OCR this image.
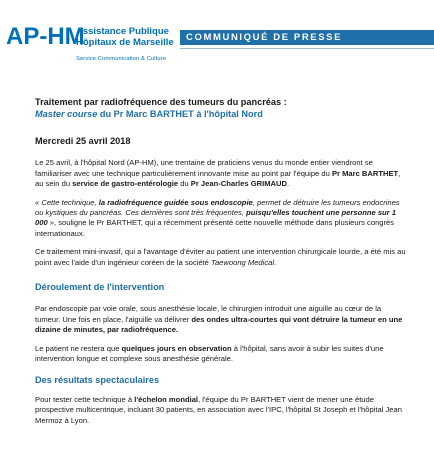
AP-HM
Assistance Publique
Hôpitaux de Marseille
Service Communication & Culture
COMMUNIQUÉ DE PRESSE

Traitement par radiofréquence des tumeurs du pancréas :

Master course du Pr Marc BARTHET à l'hôpital Nord

Mercredi 25 avril 2018

Le 25 avril, à l'hôpital Nord (AP-HM), une trentaine de praticiens venus du monde entier viendront se familiariser avec une technique particulièrement innovante mise au point par l'équipe du Pr Marc BARTHET, au sein du service de gastro-entérologie du Pr Jean-Charles GRIMAUD.

« Cette technique, la radiofréquence guidée sous endoscopie, permet de détruire les tumeurs endocrines ou kystiques du pancréas. Ces dernières sont très fréquentes, puisqu'elles touchent une personne sur 1 000 », souligne le Pr BARTHET, qui a récemment présenté cette nouvelle méthode dans plusieurs congrès internationaux.

Ce traitement mini-invasif, qui a l'avantage d'éviter au patient une intervention chirurgicale lourde, a été mis au point avec l'aide d'un ingénieur coréen de la société Taewoong Medical.

Déroulement de l'intervention

Par endoscopie par voie orale, sous anesthésie locale, le chirurgien introduit une aiguille au cœur de la tumeur. Une fois en place, l'aiguille va délivrer des ondes ultra-courtes qui vont détruire la tumeur en une dizaine de minutes, par radiofréquence.

Le patient ne restera que quelques jours en observation à l'hôpital, sans avoir à subir les suites d'une intervention longue et complexe sous anesthésie générale.

Des résultats spectaculaires

Pour tester cette technique à l'échelon mondial, l'équipe du Pr BARTHET vient de mener une étude prospective multicentrique, incluant 30 patients, en association avec l'IPC, l'hôpital St Joseph et l'hôpital Jean Mermoz à Lyon.
